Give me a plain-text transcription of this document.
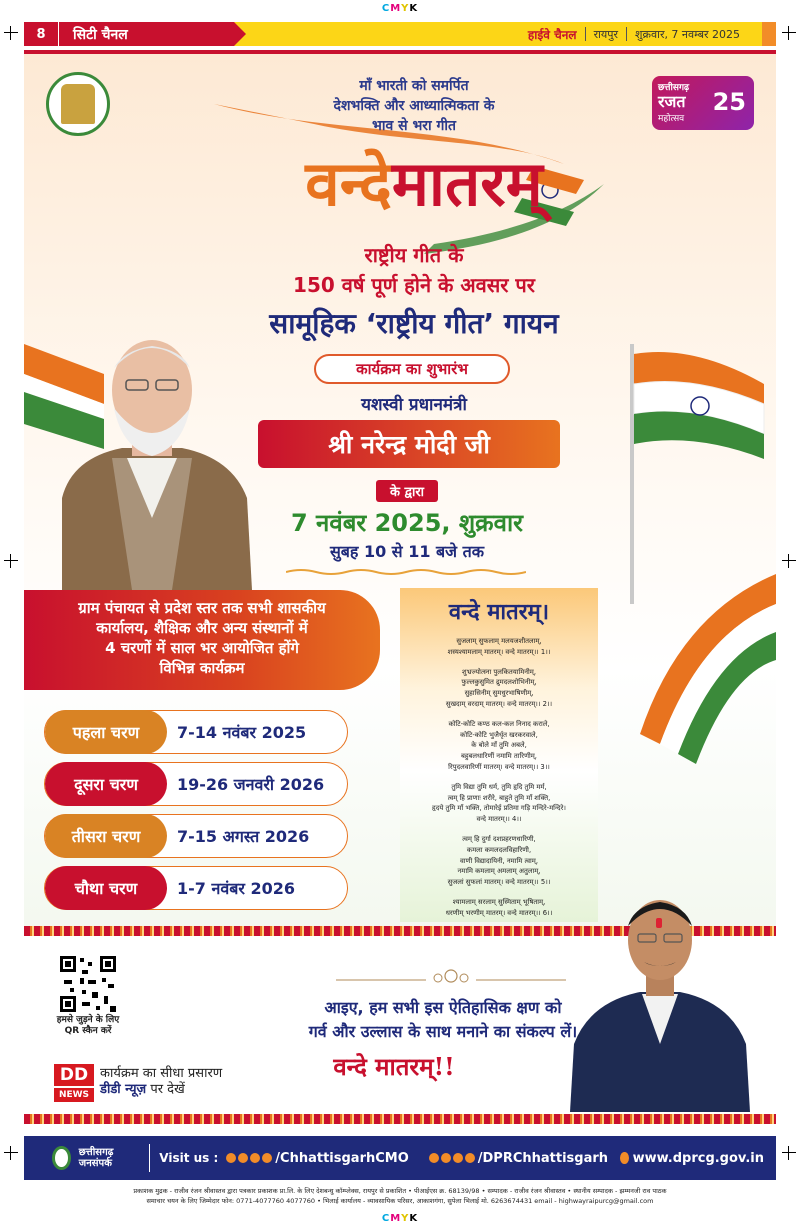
CMYK
CMYK
8	सिटी चैनल	हाईवे चैनल रायपुर शुक्रवार, 7 नवम्बर 2025
छत्तीसगढ़
रजत
महोत्सव
25
माँ भारती को समर्पित
देशभक्ति और आध्यात्मिकता के
भाव से भरा गीत
वन्देमातरम्
राष्ट्रीय गीत के
150 वर्ष पूर्ण होने के अवसर पर
सामूहिक ‘राष्ट्रीय गीत’ गायन
कार्यक्रम का शुभारंभ
यशस्वी प्रधानमंत्री
श्री नरेन्द्र मोदी जी
के द्वारा
7 नवंबर 2025, शुक्रवार
सुबह 10 से 11 बजे तक
ग्राम पंचायत से प्रदेश स्तर तक सभी शासकीय
कार्यालय, शैक्षिक और अन्य संस्थानों में
4 चरणों में साल भर आयोजित होंगे
विभिन्न कार्यक्रम
पहला चरण	7-14 नवंबर 2025
दूसरा चरण	19-26 जनवरी 2026
तीसरा चरण	7-15 अगस्त 2026
चौथा चरण	1-7 नवंबर 2026
वन्दे मातरम्।
सुजलाम् सुफलाम् मलयजशीतलाम्,
शस्यश्यामलाम् मातरम्। वन्दे मातरम्।। 1।।
शुभ्रज्योत्स्ना पुलकितयामिनीम्,
फुल्लकुसुमित द्रुमदलशोभिनीम्,
सुहासिनीम् सुमधुरभाषिणीम्,
सुखदाम् वरदाम् मातरम्। वन्दे मातरम्।। 2।।
कोटि-कोटि कण्ठ कल-कल निनाद कराले,
कोटि-कोटि भुजैर्धृत खरकरवाले,
के बोले माँ तुमि अबले,
बहुबलधारिणीं नमामि तारिणीम्,
रिपुदलवारिणीं मातरम्। वन्दे मातरम्।। 3।।
तुमि विद्या तुमि धर्म, तुमि हृदि तुमि मर्म,
त्वम् हि प्राणाः शरीरे, बाहुते तुमि माँ शक्ति,
हृदये तुमि माँ भक्ति, तोमारेई प्रतिमा गड़ि मन्दिरे-मन्दिरे।
वन्दे मातरम्।। 4।।
त्वम् हि दुर्गा दशप्रहरणधारिणी,
कमला कमलदलविहारिणी,
वाणी विद्यादायिनी, नमामि त्वाम्,
नमामि कमलाम् अमलाम् अतुलाम्,
सुजलां सुफलां मातरम्। वन्दे मातरम्।। 5।।
श्यामलाम् सरलाम् सुस्मिताम् भूषिताम्,
धरणीम् भरणीम् मातरम्। वन्दे मातरम्।। 6।।
हमसे जुड़ने के लिए
QR स्कैन करें
आइए, हम सभी इस ऐतिहासिक क्षण को
गर्व और उल्लास के साथ मनाने का संकल्प लें।
वन्दे मातरम्!!
DD
NEWS
कार्यक्रम का सीधा प्रसारण
डीडी न्यूज़ पर देखें
छत्तीसगढ़
जनसंपर्क	Visit us :	/ChhattisgarhCMO	/DPRChhattisgarh www.dprcg.gov.in
प्रकाशक मुद्रक - राजीव रंजन श्रीवास्तव द्वारा पत्रकार प्रकाशक प्रा.लि. के लिए देशबन्धु कॉम्प्लेक्स, रायपुर से प्रकाशित • पीआईएस क्र. 68139/98 • सम्पादक - राजीव रंजन श्रीवास्तव • स्थानीय सम्पादक - झम्मनजी राव पाठक
समाचार चयन के लिए जिम्मेदार फोन: 0771-4077760 4077760 • भिलाई कार्यालय - व्यावसायिक परिसर, आकाशगंगा, सुपेला भिलाई मो. 6263674431 email - highwayraipurcg@gmail.com
